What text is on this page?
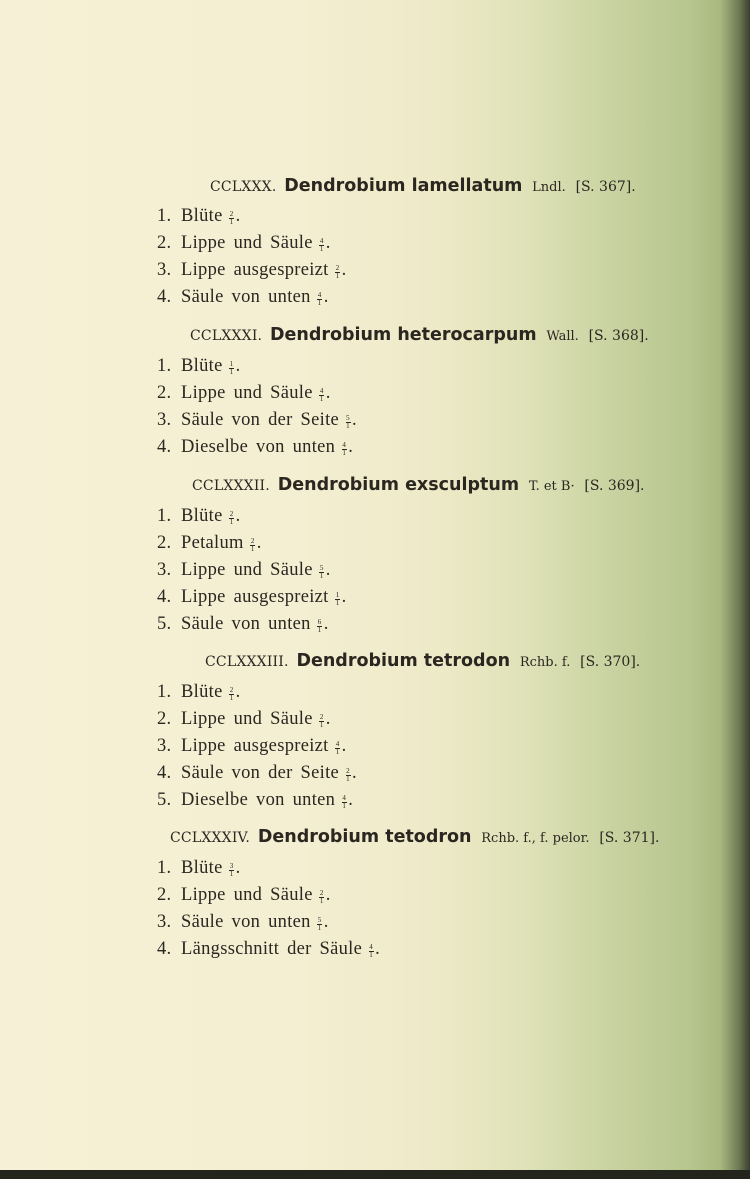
CCLXXX. Dendrobium lamellatum Lndl. [S. 367].
1. Blüte $\frac{2}{1}$ .
2. Lippe und Säule $\frac{4}{1}$ .
3. Lippe ausgespreizt $\frac{2}{1}$ .
4. Säule von unten $\frac{4}{1}$ .
CCLXXXI. Dendrobium heterocarpum Wall. [S. 368].
1. Blüte $\frac{1}{1}$ .
2. Lippe und Säule $\frac{4}{1}$ .
3. Säule von der Seite $\frac{5}{1}$ .
4. Dieselbe von unten $\frac{4}{1}$ .
CCLXXXII. Dendrobium exsculptum T. et B· [S. 369].
1. Blüte $\frac{2}{1}$ .
2. Petalum $\frac{2}{1}$ .
3. Lippe und Säule $\frac{5}{1}$ .
4. Lippe ausgespreizt $\frac{1}{1}$ .
5. Säule von unten $\frac{6}{1}$ .
CCLXXXIII. Dendrobium tetrodon Rchb. f. [S. 370].
1. Blüte $\frac{2}{1}$ .
2. Lippe und Säule $\frac{2}{1}$ .
3. Lippe ausgespreizt $\frac{4}{1}$ .
4. Säule von der Seite $\frac{2}{1}$ .
5. Dieselbe von unten $\frac{4}{1}$ .
CCLXXXIV. Dendrobium tetodron Rchb. f., f. pelor. [S. 371].
1. Blüte $\frac{3}{1}$ .
2. Lippe und Säule $\frac{2}{1}$ .
3. Säule von unten $\frac{5}{1}$ .
4. Längsschnitt der Säule $\frac{4}{1}$ .
